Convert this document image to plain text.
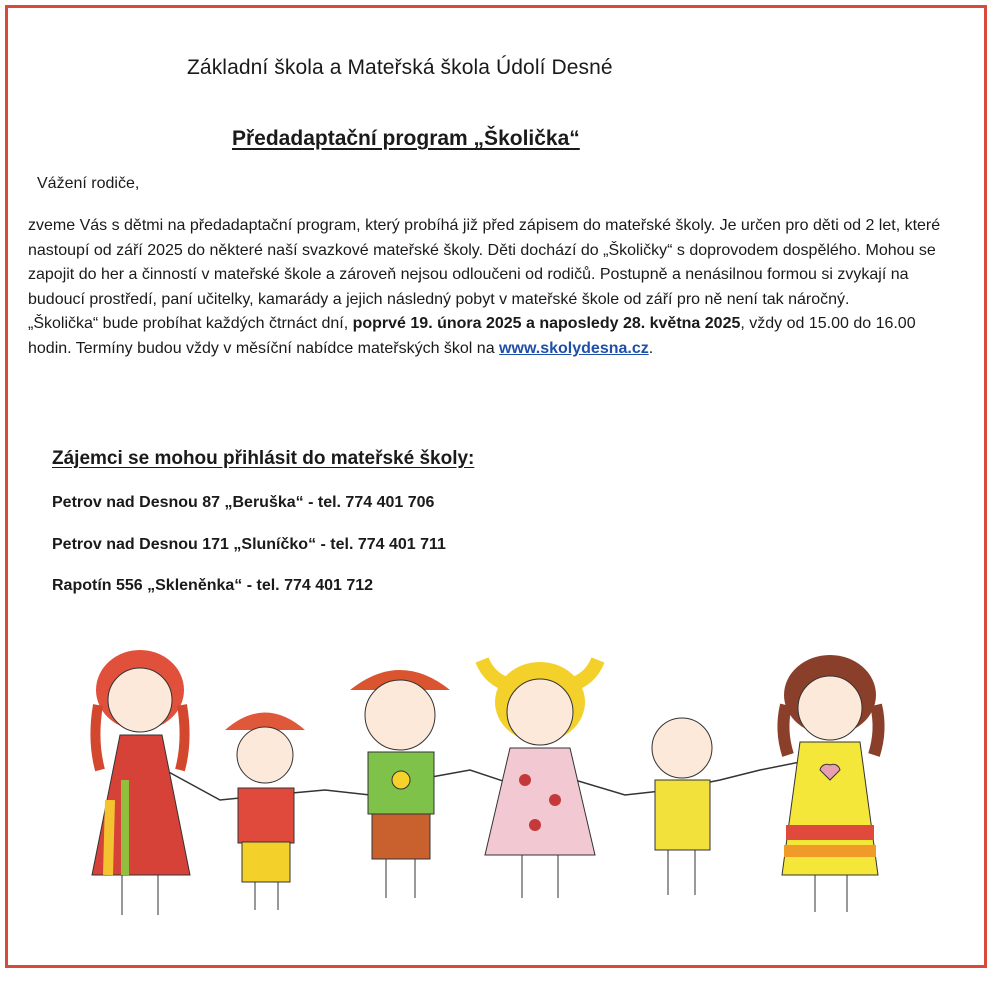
Základní škola a Mateřská škola Údolí Desné
Předadaptační program „Školička“
Vážení rodiče,

zveme Vás s dětmi na předadaptační program, který probíhá již před zápisem do mateřské školy. Je určen pro děti od 2 let, které nastoupí od září 2025 do některé naší svazkové mateřské školy. Děti dochází do „Školičky“ s doprovodem dospělého. Mohou se zapojit do her a činností v mateřské škole a zároveň nejsou odloučeni od rodičů. Postupně a nenásilnou formou si zvykají na budoucí prostředí, paní učitelky, kamarády a jejich následný pobyt v mateřské škole od září pro ně není tak náročný.

„Školička“ bude probíhat každých čtrnáct dní, poprvé 19. února 2025 a naposledy 28. května 2025, vždy od 15.00 do 16.00 hodin. Termíny budou vždy v měsíční nabídce mateřských škol na www.skolydesna.cz.

Zájemci se mohou přihlásit do mateřské školy:
Petrov nad Desnou 87 „Beruška“ - tel. 774 401 706
Petrov nad Desnou 171 „Sluníčko“ - tel. 774 401 711
Rapotín 556 „Skleněnka“ - tel. 774 401 712
